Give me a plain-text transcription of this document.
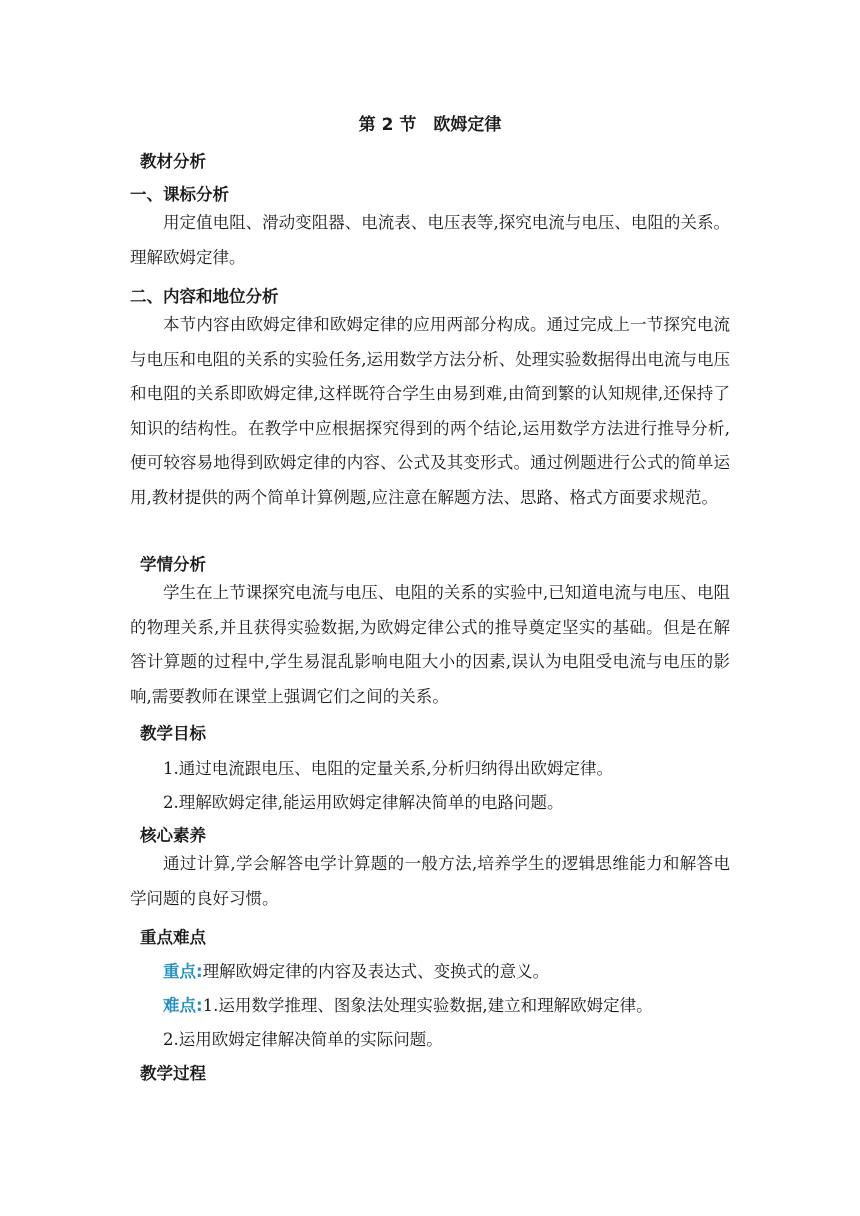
第 2 节　欧姆定律
教材分析
一、课标分析
用定值电阻、滑动变阻器、电流表、电压表等,探究电流与电压、电阻的关系。理解欧姆定律。
二、内容和地位分析
本节内容由欧姆定律和欧姆定律的应用两部分构成。通过完成上一节探究电流与电压和电阻的关系的实验任务,运用数学方法分析、处理实验数据得出电流与电压和电阻的关系即欧姆定律,这样既符合学生由易到难,由简到繁的认知规律,还保持了知识的结构性。在教学中应根据探究得到的两个结论,运用数学方法进行推导分析,便可较容易地得到欧姆定律的内容、公式及其变形式。通过例题进行公式的简单运用,教材提供的两个简单计算例题,应注意在解题方法、思路、格式方面要求规范。
学情分析
学生在上节课探究电流与电压、电阻的关系的实验中,已知道电流与电压、电阻的物理关系,并且获得实验数据,为欧姆定律公式的推导奠定坚实的基础。但是在解答计算题的过程中,学生易混乱影响电阻大小的因素,误认为电阻受电流与电压的影响,需要教师在课堂上强调它们之间的关系。
教学目标
1.通过电流跟电压、电阻的定量关系,分析归纳得出欧姆定律。
2.理解欧姆定律,能运用欧姆定律解决简单的电路问题。
核心素养
通过计算,学会解答电学计算题的一般方法,培养学生的逻辑思维能力和解答电学问题的良好习惯。
重点难点
重点:理解欧姆定律的内容及表达式、变换式的意义。
难点:1.运用数学推理、图象法处理实验数据,建立和理解欧姆定律。
2.运用欧姆定律解决简单的实际问题。
教学过程
